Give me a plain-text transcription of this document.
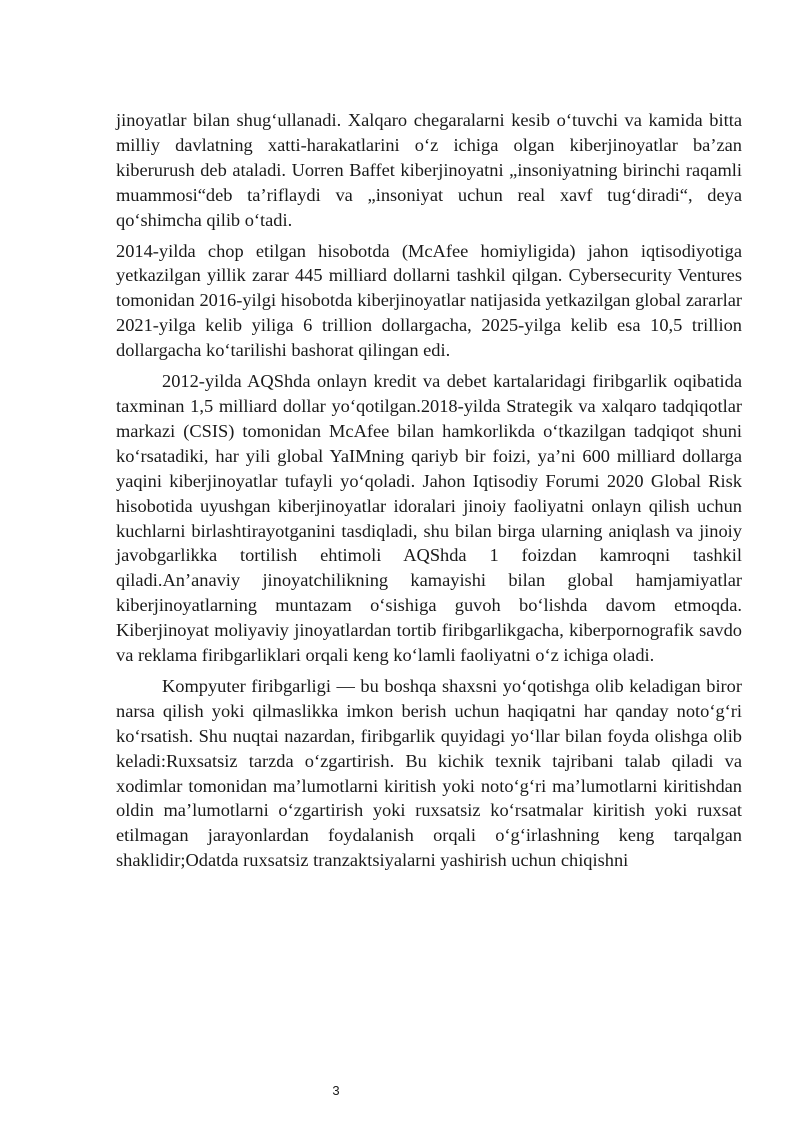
jinoyatlar bilan shug‘ullanadi. Xalqaro chegaralarni kesib o‘tuvchi va kamida bitta milliy davlatning xatti-harakatlarini o‘z ichiga olgan kiberjinoyatlar ba’zan kiberurush deb ataladi. Uorren Baffet kiberjinoyatni „insoniyatning birinchi raqamli muammosi“deb ta’riflaydi va „insoniyat uchun real xavf tug‘diradi“, deya qo‘shimcha qilib o‘tadi.

2014-yilda chop etilgan hisobotda (McAfee homiyligida) jahon iqtisodiyotiga yetkazilgan yillik zarar 445 milliard dollarni tashkil qilgan. Cybersecurity Ventures tomonidan 2016-yilgi hisobotda kiberjinoyatlar natijasida yetkazilgan global zararlar 2021-yilga kelib yiliga 6 trillion dollargacha, 2025-yilga kelib esa 10,5 trillion dollargacha ko‘tarilishi bashorat qilingan edi.

2012-yilda AQShda onlayn kredit va debet kartalaridagi firibgarlik oqibatida taxminan 1,5 milliard dollar yo‘qotilgan.2018-yilda Strategik va xalqaro tadqiqotlar markazi (CSIS) tomonidan McAfee bilan hamkorlikda o‘tkazilgan tadqiqot shuni ko‘rsatadiki, har yili global YaIMning qariyb bir foizi, ya’ni 600 milliard dollarga yaqini kiberjinoyatlar tufayli yo‘qoladi. Jahon Iqtisodiy Forumi 2020 Global Risk hisobotida uyushgan kiberjinoyatlar idoralari jinoiy faoliyatni onlayn qilish uchun kuchlarni birlashtirayotganini tasdiqladi, shu bilan birga ularning aniqlash va jinoiy javobgarlikka tortilish ehtimoli AQShda 1 foizdan kamroqni tashkil qiladi.An’anaviy jinoyatchilikning kamayishi bilan global hamjamiyatlar kiberjinoyatlarning muntazam o‘sishiga guvoh bo‘lishda davom etmoqda. Kiberjinoyat moliyaviy jinoyatlardan tortib firibgarlikgacha, kiberpornografik savdo va reklama firibgarliklari orqali keng ko‘lamli faoliyatni o‘z ichiga oladi.

Kompyuter firibgarligi — bu boshqa shaxsni yo‘qotishga olib keladigan biror narsa qilish yoki qilmaslikka imkon berish uchun haqiqatni har qanday noto‘g‘ri ko‘rsatish. Shu nuqtai nazardan, firibgarlik quyidagi yo‘llar bilan foyda olishga olib keladi:Ruxsatsiz tarzda o‘zgartirish. Bu kichik texnik tajribani talab qiladi va xodimlar tomonidan ma’lumotlarni kiritish yoki noto‘g‘ri ma’lumotlarni kiritishdan oldin ma’lumotlarni o‘zgartirish yoki ruxsatsiz ko‘rsatmalar kiritish yoki ruxsat etilmagan jarayonlardan foydalanish orqali o‘g‘irlashning keng tarqalgan shaklidir;Odatda ruxsatsiz tranzaktsiyalarni yashirish uchun chiqishni

3
